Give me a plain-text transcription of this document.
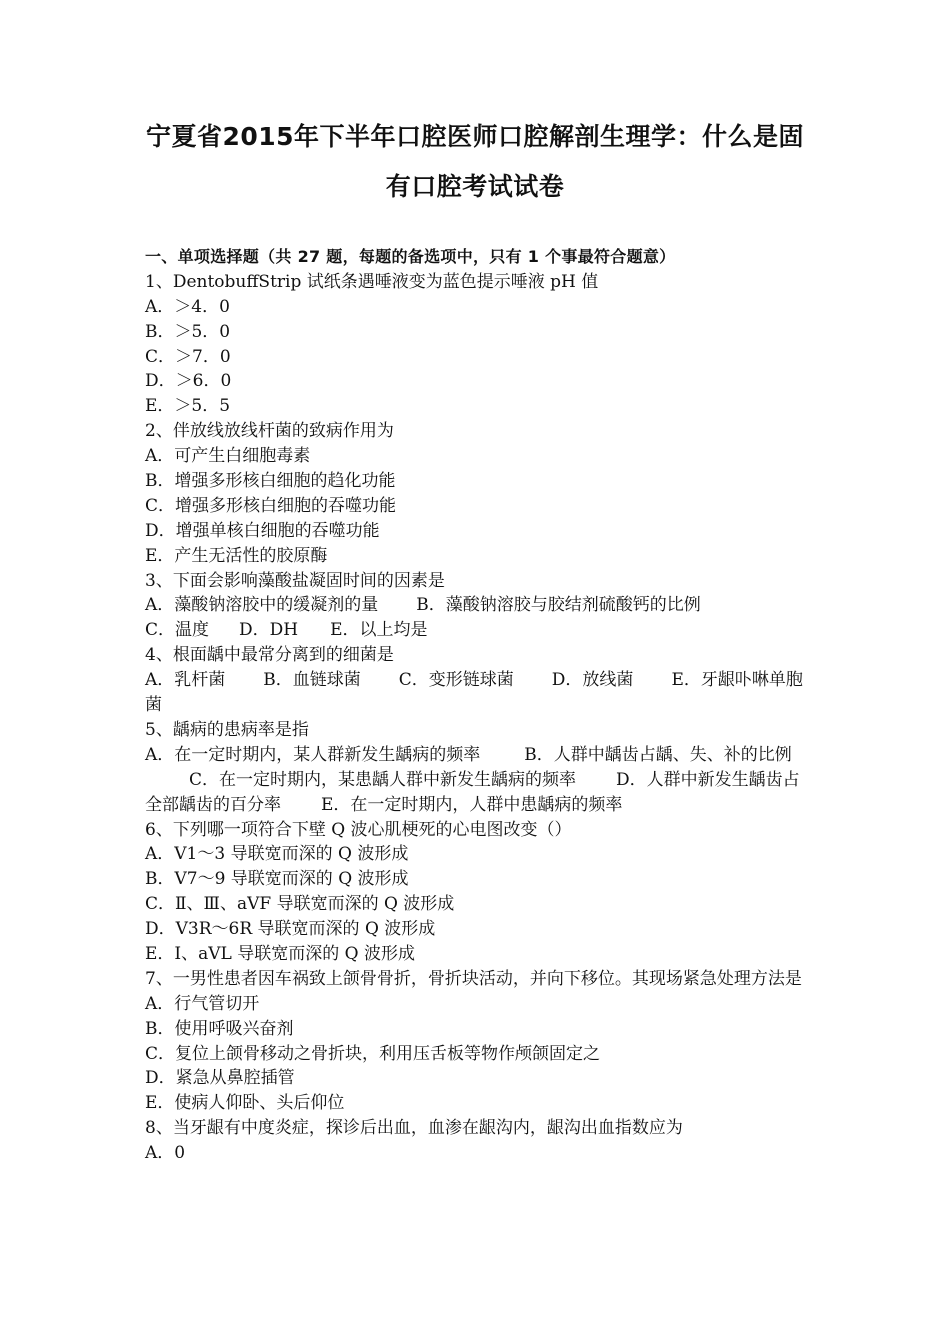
宁夏省2015年下半年口腔医师口腔解剖生理学：什么是固
有口腔考试试卷
一、单项选择题（共 27 题，每题的备选项中，只有 1 个事最符合题意）
1、DentobuffStrip 试纸条遇唾液变为蓝色提示唾液 pH 值
A．＞4．0
B．＞5．0
C．＞7．0
D．＞6．0
E．＞5．5
2、伴放线放线杆菌的致病作用为
A．可产生白细胞毒素
B．增强多形核白细胞的趋化功能
C．增强多形核白细胞的吞噬功能
D．增强单核白细胞的吞噬功能
E．产生无活性的胶原酶
3、下面会影响藻酸盐凝固时间的因素是
A．藻酸钠溶胶中的缓凝剂的量 B．藻酸钠溶胶与胶结剂硫酸钙的比例
C．温度 D．DH E．以上均是
4、根面龋中最常分离到的细菌是
A．乳杆菌 B．血链球菌 C．变形链球菌 D．放线菌 E．牙龈卟啉单胞菌
5、龋病的患病率是指
A．在一定时期内，某人群新发生龋病的频率	B．人群中龋齿占龋、失、补的比例C．在一定时期内，某患龋人群中新发生龋病的频率 D．人群中新发生龋齿占全部龋齿的百分率 E．在一定时期内，人群中患龋病的频率
6、下列哪一项符合下壁 Q 波心肌梗死的心电图改变（）
A．V1～3 导联宽而深的 Q 波形成
B．V7～9 导联宽而深的 Q 波形成
C．Ⅱ、Ⅲ、aVF 导联宽而深的 Q 波形成
D．V3R～6R 导联宽而深的 Q 波形成
E．Ⅰ、aVL 导联宽而深的 Q 波形成
7、一男性患者因车祸致上颌骨骨折，骨折块活动，并向下移位。其现场紧急处理方法是
A．行气管切开
B．使用呼吸兴奋剂
C．复位上颌骨移动之骨折块，利用压舌板等物作颅颌固定之
D．紧急从鼻腔插管
E．使病人仰卧、头后仰位
8、当牙龈有中度炎症，探诊后出血，血渗在龈沟内，龈沟出血指数应为
A．0
